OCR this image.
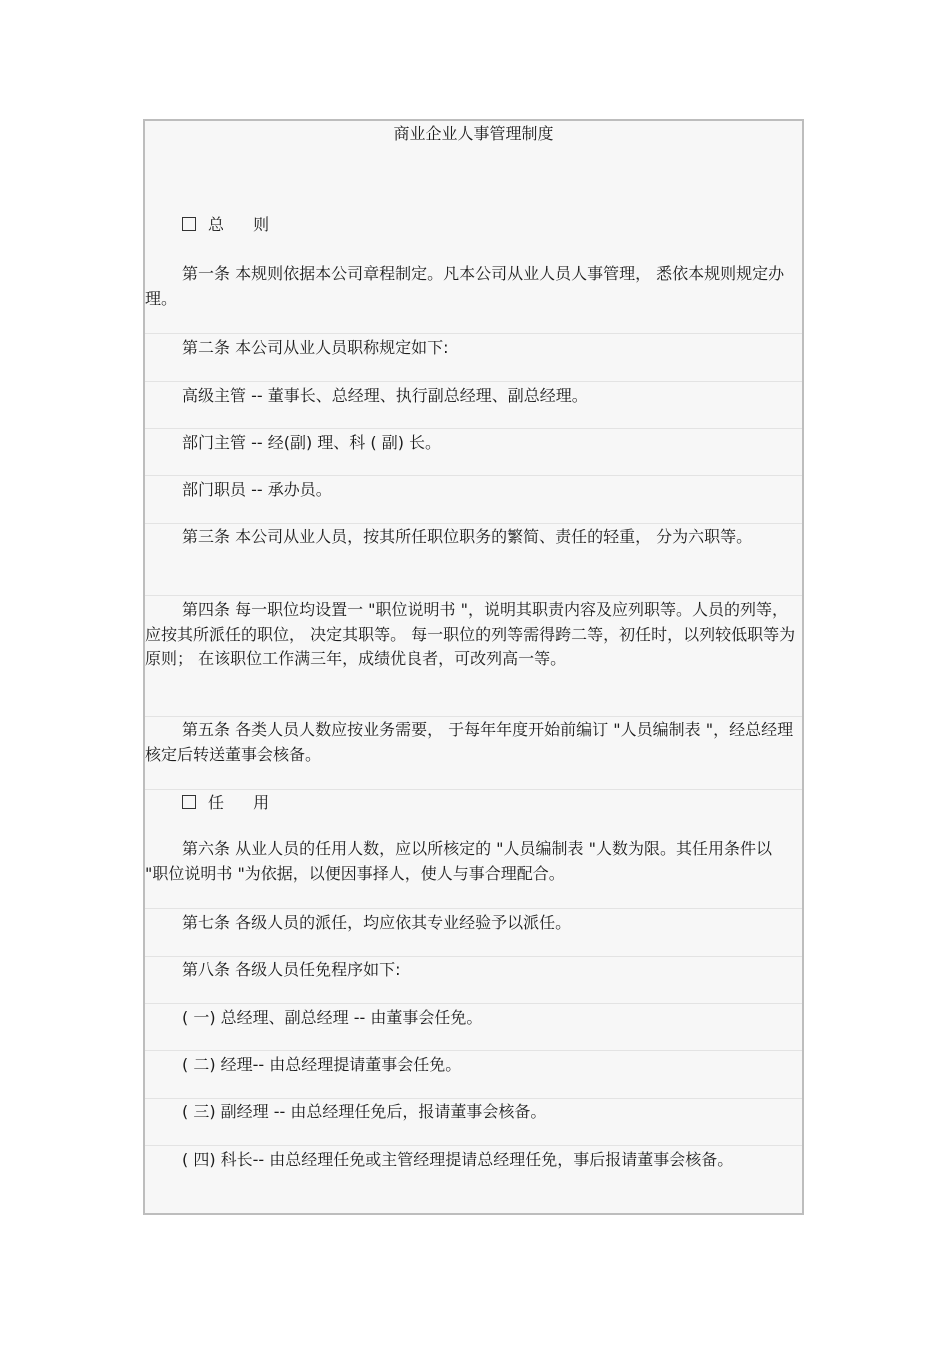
商业企业人事管理制度
总 则
第一条 本规则依据本公司章程制定。凡本公司从业人员人事管理， 悉依本规则规定办理。
第二条 本公司从业人员职称规定如下:
高级主管 -- 董事长、总经理、执行副总经理、副总经理。
部门主管 -- 经(副) 理、科 ( 副) 长。
部门职员 -- 承办员。
第三条 本公司从业人员，按其所任职位职务的繁简、责任的轻重， 分为六职等。
第四条 每一职位均设置一 "职位说明书 "，说明其职责内容及应列职等。人员的列等， 应按其所派任的职位， 决定其职等。 每一职位的列等需得跨二等，初任时，以列较低职等为原则； 在该职位工作满三年，成绩优良者，可改列高一等。
第五条 各类人员人数应按业务需要， 于每年年度开始前编订 "人员编制表 "，经总经理核定后转送董事会核备。
任 用
第六条 从业人员的任用人数，应以所核定的 "人员编制表 "人数为限。其任用条件以 "职位说明书 "为依据，以便因事择人，使人与事合理配合。
第七条 各级人员的派任，均应依其专业经验予以派任。
第八条 各级人员任免程序如下:
( 一) 总经理、副总经理 -- 由董事会任免。
( 二) 经理-- 由总经理提请董事会任免。
( 三) 副经理 -- 由总经理任免后，报请董事会核备。
( 四) 科长-- 由总经理任免或主管经理提请总经理任免，事后报请董事会核备。
